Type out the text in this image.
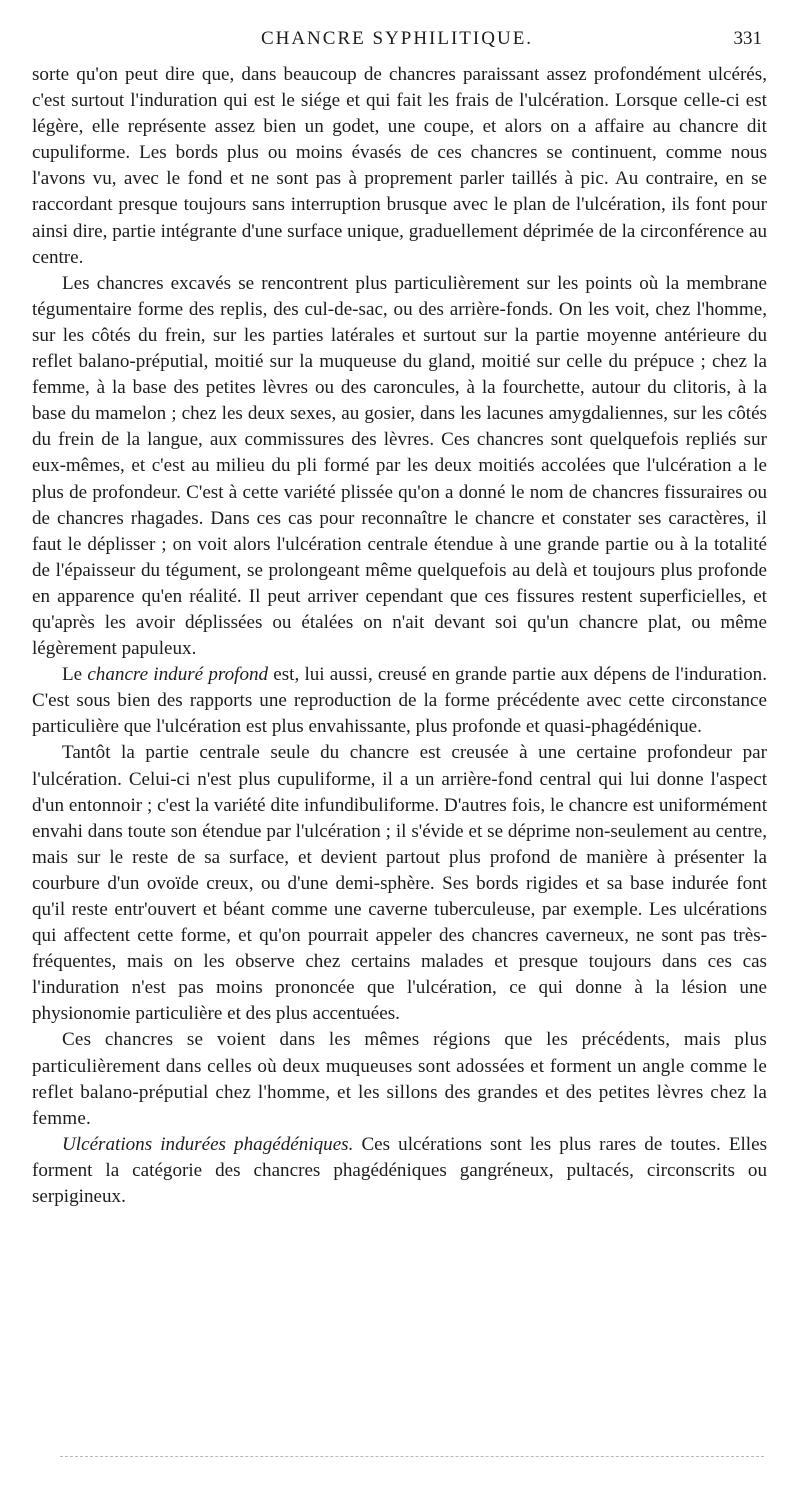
CHANCRE SYPHILITIQUE.	331

sorte qu'on peut dire que, dans beaucoup de chancres paraissant assez profondément ulcérés, c'est surtout l'induration qui est le siége et qui fait les frais de l'ulcération. Lorsque celle-ci est légère, elle représente assez bien un godet, une coupe, et alors on a affaire au chancre dit cupuliforme. Les bords plus ou moins évasés de ces chancres se continuent, comme nous l'avons vu, avec le fond et ne sont pas à proprement parler taillés à pic. Au contraire, en se raccordant presque toujours sans interruption brusque avec le plan de l'ulcération, ils font pour ainsi dire, partie intégrante d'une surface unique, graduellement déprimée de la circonférence au centre.

Les chancres excavés se rencontrent plus particulièrement sur les points où la membrane tégumentaire forme des replis, des cul-de-sac, ou des arrière-fonds. On les voit, chez l'homme, sur les côtés du frein, sur les parties latérales et surtout sur la partie moyenne antérieure du reflet balano-préputial, moitié sur la muqueuse du gland, moitié sur celle du prépuce ; chez la femme, à la base des petites lèvres ou des caroncules, à la fourchette, autour du clitoris, à la base du mamelon ; chez les deux sexes, au gosier, dans les lacunes amygdaliennes, sur les côtés du frein de la langue, aux commissures des lèvres. Ces chancres sont quelquefois repliés sur eux-mêmes, et c'est au milieu du pli formé par les deux moitiés accolées que l'ulcération a le plus de profondeur. C'est à cette variété plissée qu'on a donné le nom de chancres fissuraires ou de chancres rhagades. Dans ces cas pour reconnaître le chancre et constater ses caractères, il faut le déplisser ; on voit alors l'ulcération centrale étendue à une grande partie ou à la totalité de l'épaisseur du tégument, se prolongeant même quelquefois au delà et toujours plus profonde en apparence qu'en réalité. Il peut arriver cependant que ces fissures restent superficielles, et qu'après les avoir déplissées ou étalées on n'ait devant soi qu'un chancre plat, ou même légèrement papuleux.

Le chancre induré profond est, lui aussi, creusé en grande partie aux dépens de l'induration. C'est sous bien des rapports une reproduction de la forme précédente avec cette circonstance particulière que l'ulcération est plus envahissante, plus profonde et quasi-phagédénique.

Tantôt la partie centrale seule du chancre est creusée à une certaine profondeur par l'ulcération. Celui-ci n'est plus cupuliforme, il a un arrière-fond central qui lui donne l'aspect d'un entonnoir ; c'est la variété dite infundibuliforme. D'autres fois, le chancre est uniformément envahi dans toute son étendue par l'ulcération ; il s'évide et se déprime non-seulement au centre, mais sur le reste de sa surface, et devient partout plus profond de manière à présenter la courbure d'un ovoïde creux, ou d'une demi-sphère. Ses bords rigides et sa base indurée font qu'il reste entr'ouvert et béant comme une caverne tuberculeuse, par exemple. Les ulcérations qui affectent cette forme, et qu'on pourrait appeler des chancres caverneux, ne sont pas très-fréquentes, mais on les observe chez certains malades et presque toujours dans ces cas l'induration n'est pas moins prononcée que l'ulcération, ce qui donne à la lésion une physionomie particulière et des plus accentuées.

Ces chancres se voient dans les mêmes régions que les précédents, mais plus particulièrement dans celles où deux muqueuses sont adossées et forment un angle comme le reflet balano-préputial chez l'homme, et les sillons des grandes et des petites lèvres chez la femme.

Ulcérations indurées phagédéniques. Ces ulcérations sont les plus rares de toutes. Elles forment la catégorie des chancres phagédéniques gangréneux, pultacés, circonscrits ou serpigineux.
